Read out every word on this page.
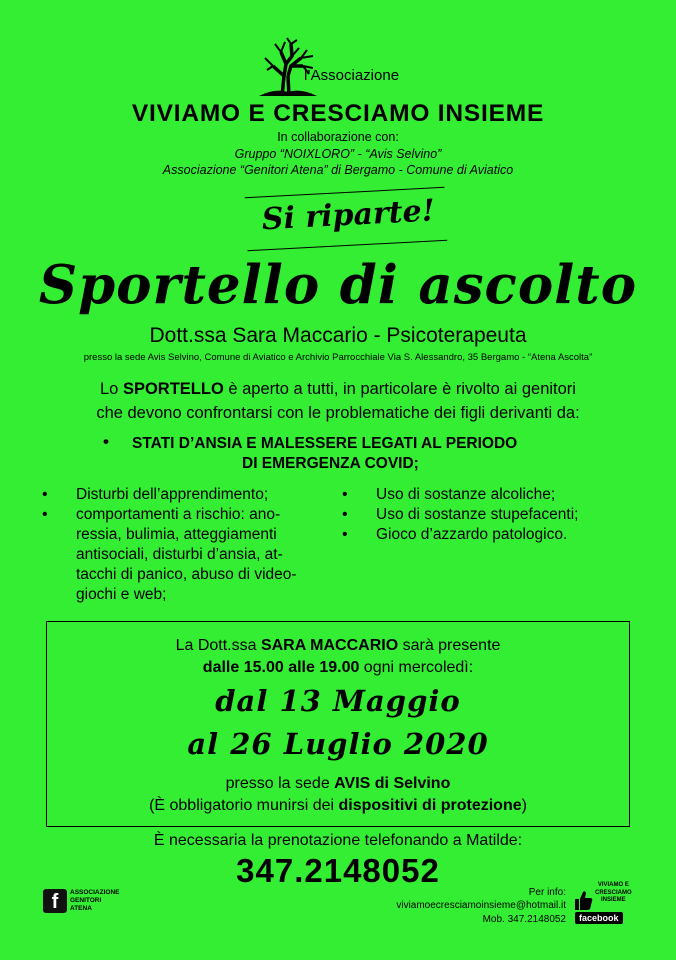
l’Associazione
VIVIAMO E CRESCIAMO INSIEME
In collaborazione con:
Gruppo “NOIXLORO” - “Avis Selvino”
Associazione “Genitori Atena” di Bergamo - Comune di Aviatico
Si riparte!
Sportello di ascolto
Dott.ssa Sara Maccario - Psicoterapeuta
presso la sede Avis Selvino, Comune di Aviatico e Archivio Parrocchiale Via S. Alessandro, 35 Bergamo - “Atena Ascolta”
Lo SPORTELLO è aperto a tutti, in particolare è rivolto ai genitori
che devono confrontarsi con le problematiche dei figli derivanti da:
• STATI D’ANSIA E MALESSERE LEGATI AL PERIODO
DI EMERGENZA COVID;
• Disturbi dell’apprendimento;
• comportamenti a rischio: ano-
ressia, bulimia, atteggiamenti
antisociali, disturbi d’ansia, at-
tacchi di panico, abuso di video-
giochi e web;
• Uso di sostanze alcoliche;
• Uso di sostanze stupefacenti;
• Gioco d’azzardo patologico.
La Dott.ssa SARA MACCARIO sarà presente
dalle 15.00 alle 19.00 ogni mercoledì:
dal 13 Maggio
al 26 Luglio 2020
presso la sede AVIS di Selvino
(È obbligatorio munirsi dei dispositivi di protezione)
È necessaria la prenotazione telefonando a Matilde:
347.2148052
f	ASSOCIAZIONE
GENITORI
ATENA
Per info:
viviamoecresciamoinsieme@hotmail.it
Mob. 347.2148052
VIVIAMO E
CRESCIAMO
INSIEME
facebook
